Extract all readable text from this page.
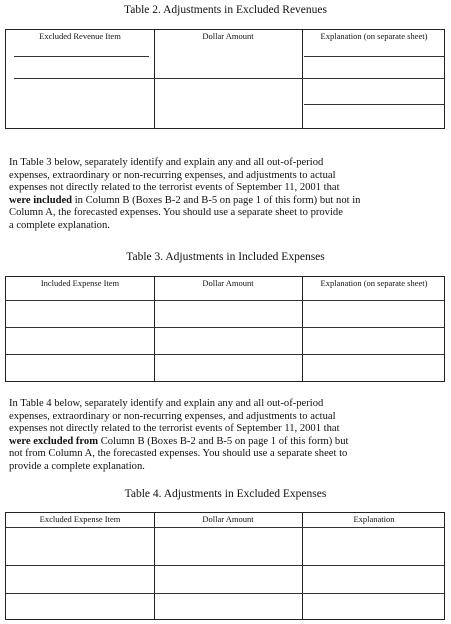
Table 2. Adjustments in Excluded Revenues
Excluded Revenue Item	Dollar Amount	Explanation (on separate sheet)
In Table 3 below, separately identify and explain any and all out-of-period
expenses, extraordinary or non-recurring expenses, and adjustments to actual
expenses not directly related to the terrorist events of September 11, 2001 that
were included in Column B (Boxes B-2 and B-5 on page 1 of this form) but not in
Column A, the forecasted expenses. You should use a separate sheet to provide
a complete explanation.
Table 3. Adjustments in Included Expenses
Included Expense Item	Dollar Amount	Explanation (on separate sheet)
In Table 4 below, separately identify and explain any and all out-of-period
expenses, extraordinary or non-recurring expenses, and adjustments to actual
expenses not directly related to the terrorist events of September 11, 2001 that
were excluded from Column B (Boxes B-2 and B-5 on page 1 of this form) but
not from Column A, the forecasted expenses. You should use a separate sheet to
provide a complete explanation.
Table 4. Adjustments in Excluded Expenses
Excluded Expense Item	Dollar Amount	Explanation
